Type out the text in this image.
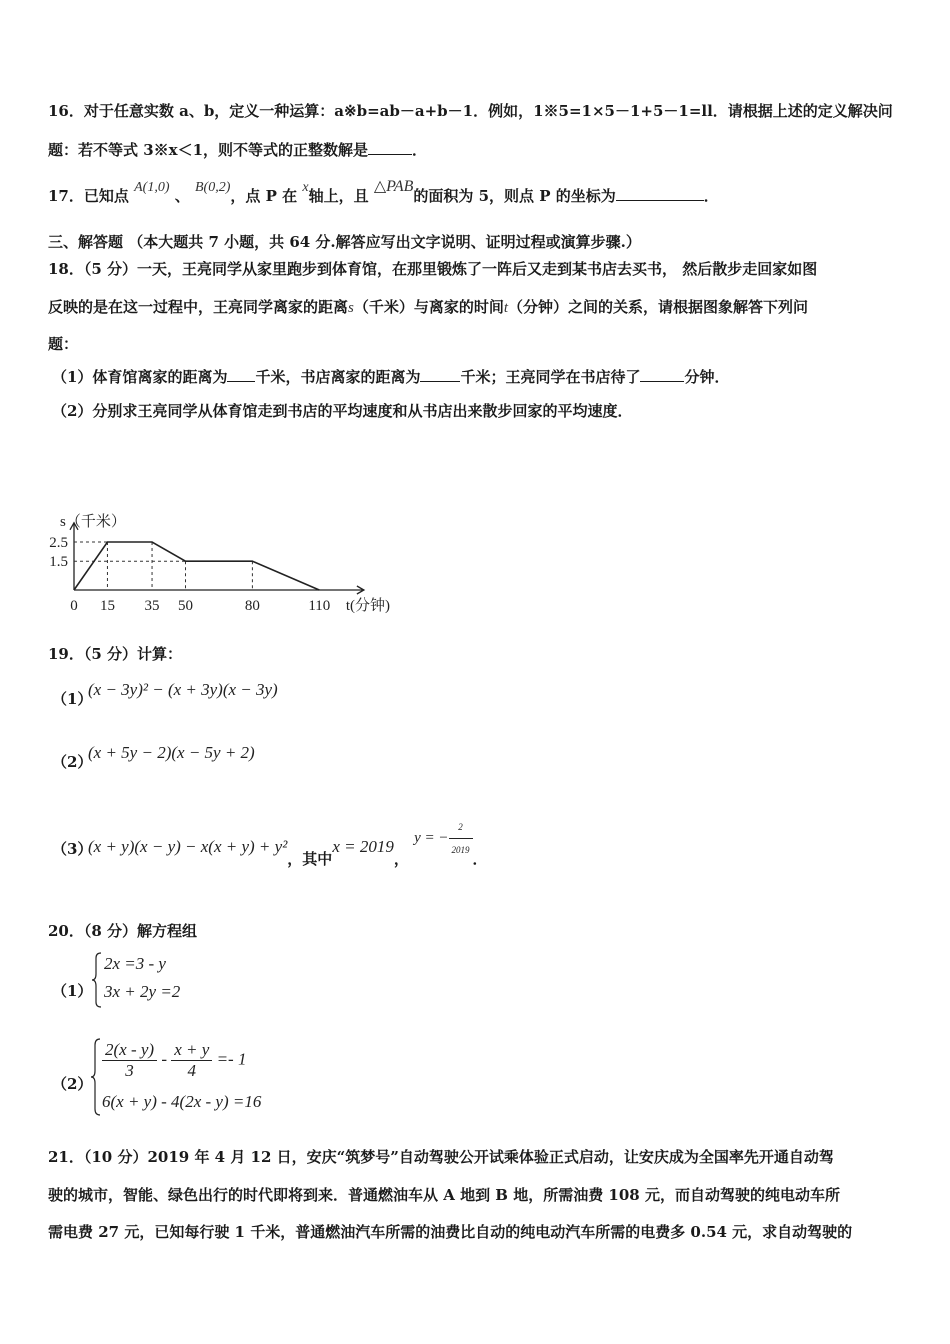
16．对于任意实数 a、b，定义一种运算：a※b=ab－a+b－1．例如，1※5=1×5－1+5－1=ll．请根据上述的定义解决问
题：若不等式 3※x＜1，则不等式的正整数解是	．
17．已知点 A(1,0) 、 B(0,2)，点 P 在 x轴上，且 △PAB的面积为 5，则点 P 的坐标为	．
三、解答题 （本大题共 7 小题，共 64 分.解答应写出文字说明、证明过程或演算步骤.）
18．（5 分）一天，王亮同学从家里跑步到体育馆，在那里锻炼了一阵后又走到某书店去买书， 然后散步走回家如图
反映的是在这一过程中，王亮同学离家的距离s（千米）与离家的时间t（分钟）之间的关系，请根据图象解答下列问
题：
（1）体育馆离家的距离为 千米，书店离家的距离为	千米；王亮同学在书店待了	分钟．
（2）分别求王亮同学从体育馆走到书店的平均速度和从书店出来散步回家的平均速度．
0 15 35 50	80	110
2.5
1.5
t(分钟)
s（千米）
19．（5 分）计算：
（1）
(x − 3y)² − (x + 3y)(x − 3y)
（2）
(x + 5y − 2)(x − 5y + 2)
（3）
(x + y)(x − y) − x(x + y) + y²，其中x = 2019， y = − $\frac{2}{2019}$ ．
20．（8 分）解方程组
（1）
2x =3 - y
3x + 2y =2
（2）
$\frac{2(x - y)}{3} - \frac{x + y}{4} =- 1$
6(x + y) - 4(2x - y) =16
21．（10 分）2019 年 4 月 12 日，安庆“筑梦号”自动驾驶公开试乘体验正式启动，让安庆成为全国率先开通自动驾
驶的城市，智能、绿色出行的时代即将到来．普通燃油车从 A 地到 B 地，所需油费 108 元，而自动驾驶的纯电动车所
需电费 27 元，已知每行驶 1 千米，普通燃油汽车所需的油费比自动的纯电动汽车所需的电费多 0.54 元，求自动驾驶的
